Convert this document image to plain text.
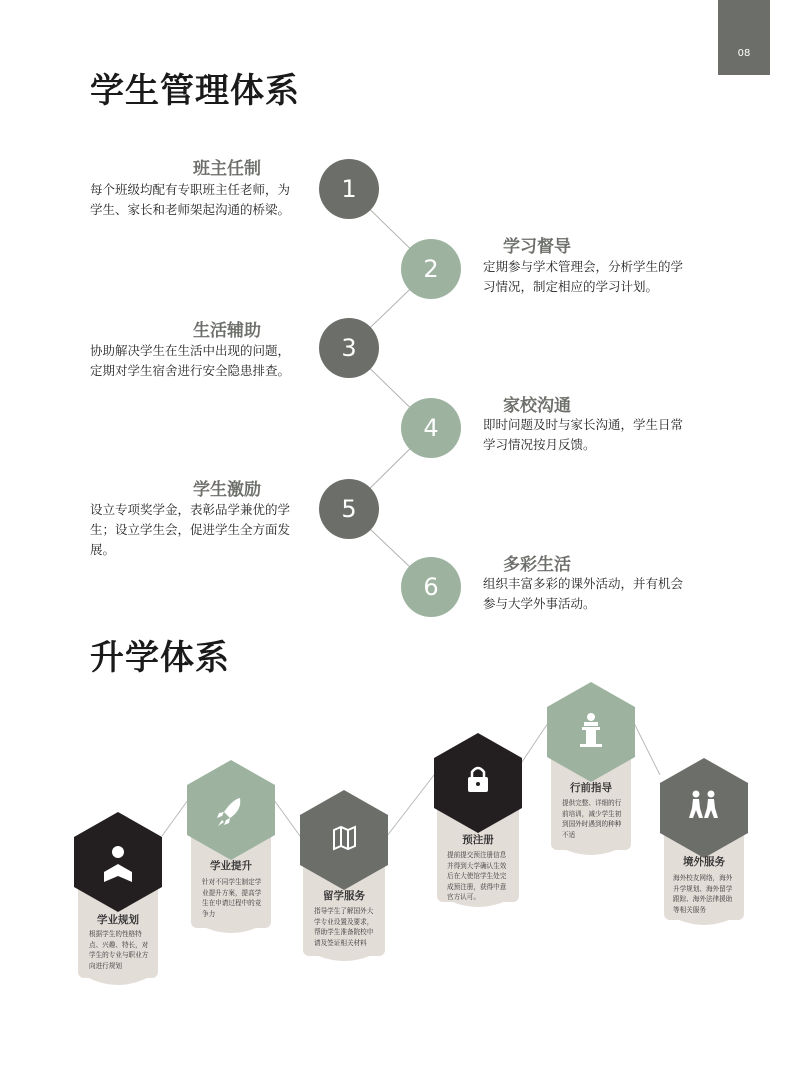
08
学生管理体系
1
班主任制
每个班级均配有专职班主任老师，为
学生、家长和老师架起沟通的桥梁。
2
学习督导
定期参与学术管理会，分析学生的学
习情况，制定相应的学习计划。
3
生活辅助
协助解决学生在生活中出现的问题，
定期对学生宿舍进行安全隐患排查。
4
家校沟通
即时问题及时与家长沟通，学生日常
学习情况按月反馈。
5
学生激励
设立专项奖学金，表彰品学兼优的学
生；设立学生会，促进学生全方面发
展。
6
多彩生活
组织丰富多彩的课外活动，并有机会
参与大学外事活动。
升学体系
学业规划
根据学生的性格特
点、兴趣、特长，对
学生的专业与职业方
向进行规划
学业提升
针对不同学生制定学
业提升方案，提高学
生在申请过程中的竞
争力
留学服务
指导学生了解国外大
学专业设置及要求，
帮助学生准备院校申
请及签证相关材料
预注册
提前提交预注册信息
并得到大学确认生效
后在大使馆学生处完
成预注册，获得中意
官方认可。
行前指导
提供完整、详细的行
前培训，减少学生初
到国外时遇到的种种
不适
境外服务
海外校友网络，海外
升学规划、海外留学
跟踪、海外法律援助
等相关服务
